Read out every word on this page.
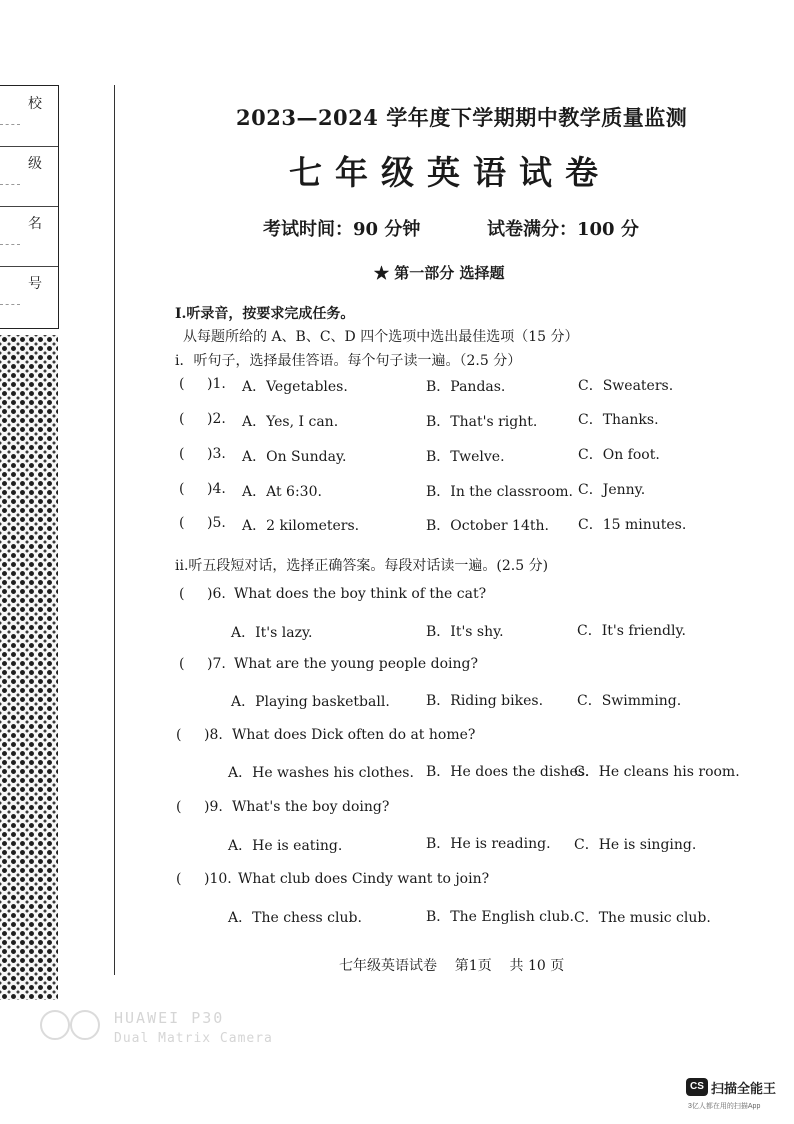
校
级
名
号
2023—2024 学年度下学期期中教学质量监测
七年级英语试卷
考试时间：90 分钟	试卷满分：100 分
★ 第一部分 选择题
I.听录音，按要求完成任务。
从每题所给的 A、B、C、D 四个选项中选出最佳选项（15 分）
i．听句子，选择最佳答语。每个句子读一遍。（2.5 分）
( )1. A．Vegetables.	B．Pandas.	C．Sweaters.
( )2. A．Yes, I can.	B．That's right.	C．Thanks.
( )3. A．On Sunday.	B．Twelve.	C．On foot.
( )4. A．At 6:30.	B．In the classroom. C．Jenny.
( )5. A．2 kilometers.	B．October 14th. C．15 minutes.
ii.听五段短对话，选择正确答案。每段对话读一遍。(2.5 分)
( )6. What does the boy think of the cat?
A．It's lazy.	B．It's shy.	C．It's friendly.
( )7. What are the young people doing?
A．Playing basketball.	B．Riding bikes. C．Swimming.
( )8. What does Dick often do at home?
A．He washes his clothes. B．He does the dishes.
C．He cleans his room.
( )9. What's the boy doing?
A．He is eating.	B．He is reading. C．He is singing.
( )10. What club does Cindy want to join?
A．The chess club.	B．The English club. C．The music club.
七年级英语试卷    第1页    共 10 页
HUAWEI P30
Dual Matrix Camera
CS 扫描全能王
3亿人都在用的扫描App
